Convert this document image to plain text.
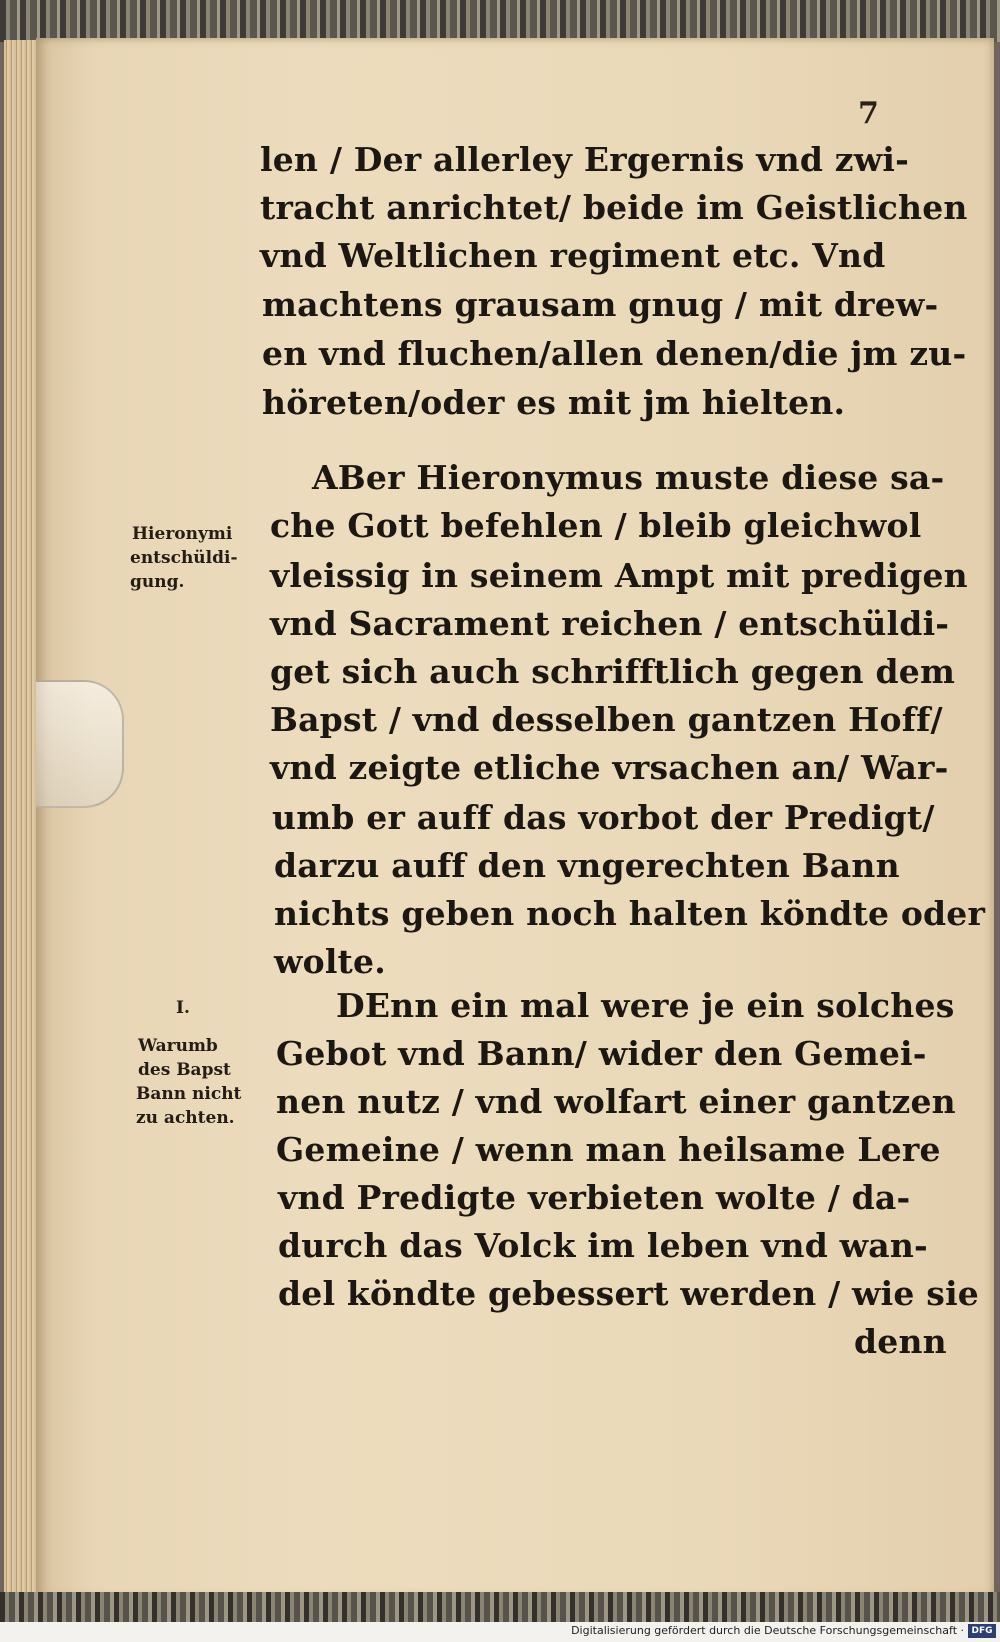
7
len / Der allerley Ergernis vnd zwi-
tracht anrichtet/ beide im Geistlichen
vnd Weltlichen regiment etc. Vnd
machtens grausam gnug / mit drew-
en vnd fluchen/allen denen/die jm zu-
höreten/oder es mit jm hielten.
ABer Hieronymus muste diese sa-
che Gott befehlen / bleib gleichwol
vleissig in seinem Ampt mit predigen
vnd Sacrament reichen / entschüldi-
get sich auch schrifftlich gegen dem
Bapst / vnd desselben gantzen Hoff/
vnd zeigte etliche vrsachen an/ War-
umb er auff das vorbot der Predigt/
darzu auff den vngerechten Bann
nichts geben noch halten köndte oder
wolte.
DEnn ein mal were je ein solches
Gebot vnd Bann/ wider den Gemei-
nen nutz / vnd wolfart einer gantzen
Gemeine / wenn man heilsame Lere
vnd Predigte verbieten wolte / da-
durch das Volck im leben vnd wan-
del köndte gebessert werden / wie sie
denn
Hieronymi
entschüldi-
gung.
I.
Warumb
des Bapst
Bann nicht
zu achten.
Digitalisierung gefördert durch die Deutsche Forschungsgemeinschaft · DFG
